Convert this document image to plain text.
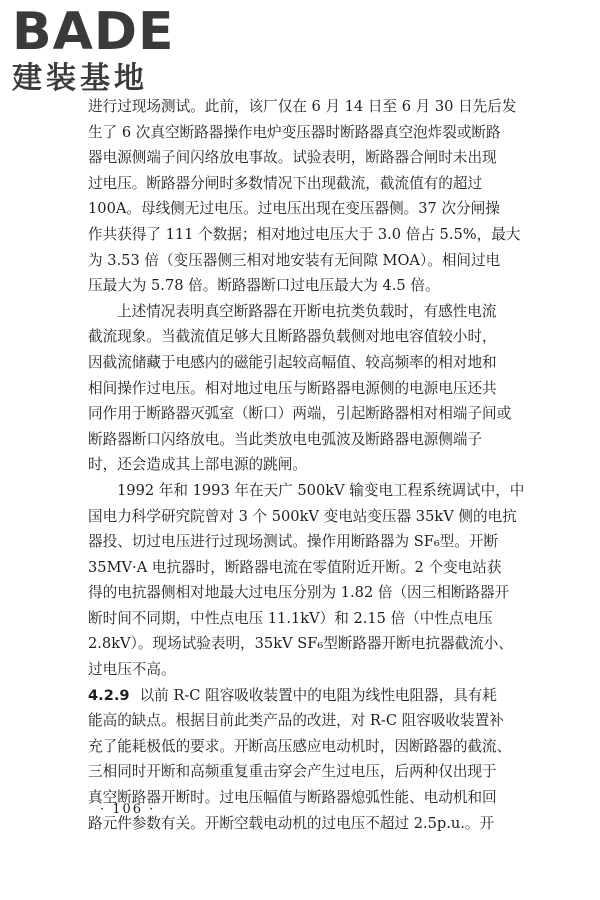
BADE
建装基地
进行过现场测试。此前，该厂仅在 6 月 14 日至 6 月 30 日先后发
生了 6 次真空断路器操作电炉变压器时断路器真空泡炸裂或断路
器电源侧端子间闪络放电事故。试验表明，断路器合闸时未出现
过电压。断路器分闸时多数情况下出现截流，截流值有的超过
100A。母线侧无过电压。过电压出现在变压器侧。37 次分闸操
作共获得了 111 个数据；相对地过电压大于 3.0 倍占 5.5%，最大
为 3.53 倍（变压器侧三相对地安装有无间隙 MOA）。相间过电
压最大为 5.78 倍。断路器断口过电压最大为 4.5 倍。
上述情况表明真空断路器在开断电抗类负载时，有感性电流
截流现象。当截流值足够大且断路器负载侧对地电容值较小时，
因截流储藏于电感内的磁能引起较高幅值、较高频率的相对地和
相间操作过电压。相对地过电压与断路器电源侧的电源电压还共
同作用于断路器灭弧室（断口）两端，引起断路器相对相端子间或
断路器断口闪络放电。当此类放电电弧波及断路器电源侧端子
时，还会造成其上部电源的跳闸。
1992 年和 1993 年在天广 500kV 输变电工程系统调试中，中
国电力科学研究院曾对 3 个 500kV 变电站变压器 35kV 侧的电抗
器投、切过电压进行过现场测试。操作用断路器为 SF₆型。开断
35MV·A 电抗器时，断路器电流在零值附近开断。2 个变电站获
得的电抗器侧相对地最大过电压分别为 1.82 倍（因三相断路器开
断时间不同期，中性点电压 11.1kV）和 2.15 倍（中性点电压
2.8kV）。现场试验表明，35kV SF₆型断路器开断电抗器截流小、
过电压不高。
4.2.9 以前 R-C 阻容吸收装置中的电阻为线性电阻器，具有耗
能高的缺点。根据目前此类产品的改进，对 R-C 阻容吸收装置补
充了能耗极低的要求。开断高压感应电动机时，因断路器的截流、
三相同时开断和高频重复重击穿会产生过电压，后两种仅出现于
真空断路器开断时。过电压幅值与断路器熄弧性能、电动机和回
路元件参数有关。开断空载电动机的过电压不超过 2.5p.u.。开
· 106 ·
